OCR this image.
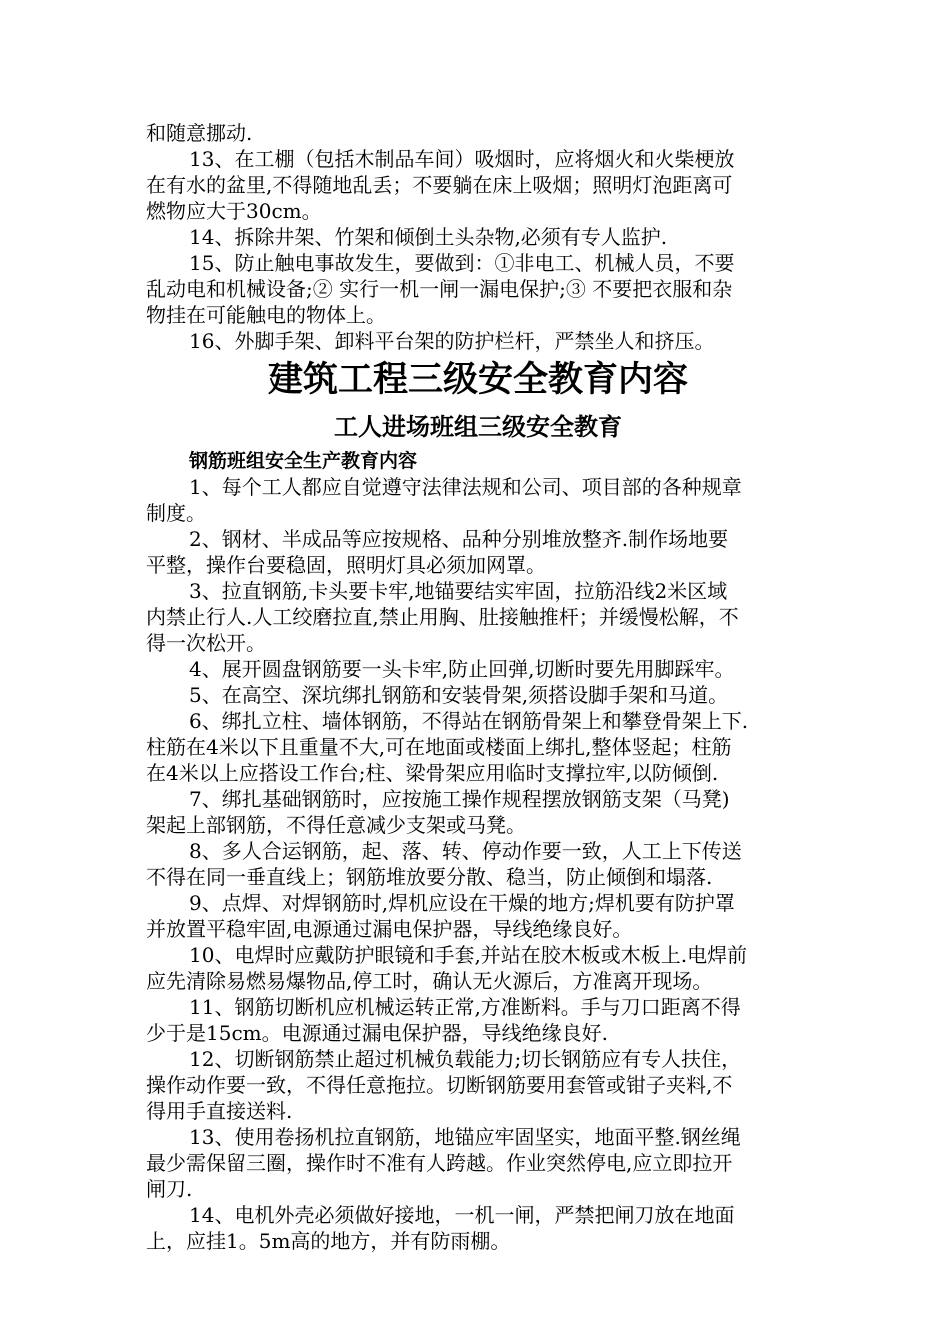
和随意挪动.
13、在工棚（包括木制品车间）吸烟时，应将烟火和火柴梗放
在有水的盆里,不得随地乱丢；不要躺在床上吸烟；照明灯泡距离可
燃物应大于30cm。
14、拆除井架、竹架和倾倒土头杂物,必须有专人监护.
15、防止触电事故发生，要做到：①非电工、机械人员，不要
乱动电和机械设备;② 实行一机一闸一漏电保护;③ 不要把衣服和杂
物挂在可能触电的物体上。
16、外脚手架、卸料平台架的防护栏杆，严禁坐人和挤压。
建筑工程三级安全教育内容
工人进场班组三级安全教育
钢筋班组安全生产教育内容
1、每个工人都应自觉遵守法律法规和公司、项目部的各种规章
制度。
2、钢材、半成品等应按规格、品种分别堆放整齐.制作场地要
平整，操作台要稳固，照明灯具必须加网罩。
3、拉直钢筋,卡头要卡牢,地锚要结实牢固，拉筋沿线2米区域
内禁止行人.人工绞磨拉直,禁止用胸、肚接触推杆；并缓慢松解，不
得一次松开。
4、展开圆盘钢筋要一头卡牢,防止回弹,切断时要先用脚踩牢。
5、在高空、深坑绑扎钢筋和安装骨架,须搭设脚手架和马道。
6、绑扎立柱、墙体钢筋，不得站在钢筋骨架上和攀登骨架上下.
柱筋在4米以下且重量不大,可在地面或楼面上绑扎,整体竖起；柱筋
在4米以上应搭设工作台;柱、梁骨架应用临时支撑拉牢,以防倾倒.
7、绑扎基础钢筋时，应按施工操作规程摆放钢筋支架（马凳)
架起上部钢筋，不得任意减少支架或马凳。
8、多人合运钢筋，起、落、转、停动作要一致，人工上下传送
不得在同一垂直线上；钢筋堆放要分散、稳当，防止倾倒和塌落.
9、点焊、对焊钢筋时,焊机应设在干燥的地方;焊机要有防护罩
并放置平稳牢固,电源通过漏电保护器，导线绝缘良好。
10、电焊时应戴防护眼镜和手套,并站在胶木板或木板上.电焊前
应先清除易燃易爆物品,停工时，确认无火源后，方准离开现场。
11、钢筋切断机应机械运转正常,方准断料。手与刀口距离不得
少于是15cm。电源通过漏电保护器，导线绝缘良好.
12、切断钢筋禁止超过机械负载能力;切长钢筋应有专人扶住，
操作动作要一致，不得任意拖拉。切断钢筋要用套管或钳子夹料,不
得用手直接送料.
13、使用卷扬机拉直钢筋，地锚应牢固坚实，地面平整.钢丝绳
最少需保留三圈，操作时不准有人跨越。作业突然停电,应立即拉开
闸刀.
14、电机外壳必须做好接地，一机一闸，严禁把闸刀放在地面
上，应挂1。5m高的地方，并有防雨棚。
